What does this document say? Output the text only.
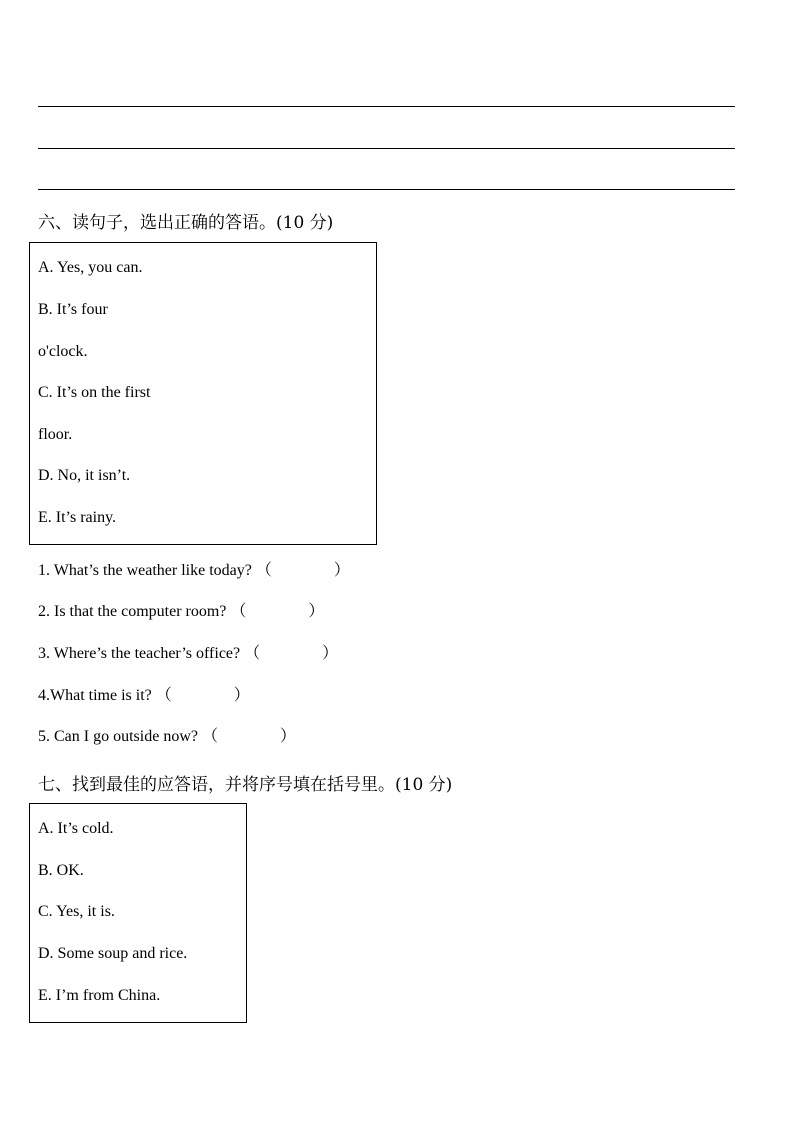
六、读句子，选出正确的答语。(10 分)
A. Yes, you can.
B. It’s four
o'clock.
C. It’s on the first
floor.
D. No, it isn’t.
E. It’s rainy.
1. What’s the weather like today? （	）
2. Is that the computer room? （	）
3. Where’s the teacher’s office? （	）
4.What time is it? （	）
5. Can I go outside now? （	）
七、找到最佳的应答语，并将序号填在括号里。(10 分)
A. It’s cold.
B. OK.
C. Yes, it is.
D. Some soup and rice.
E. I’m from China.
